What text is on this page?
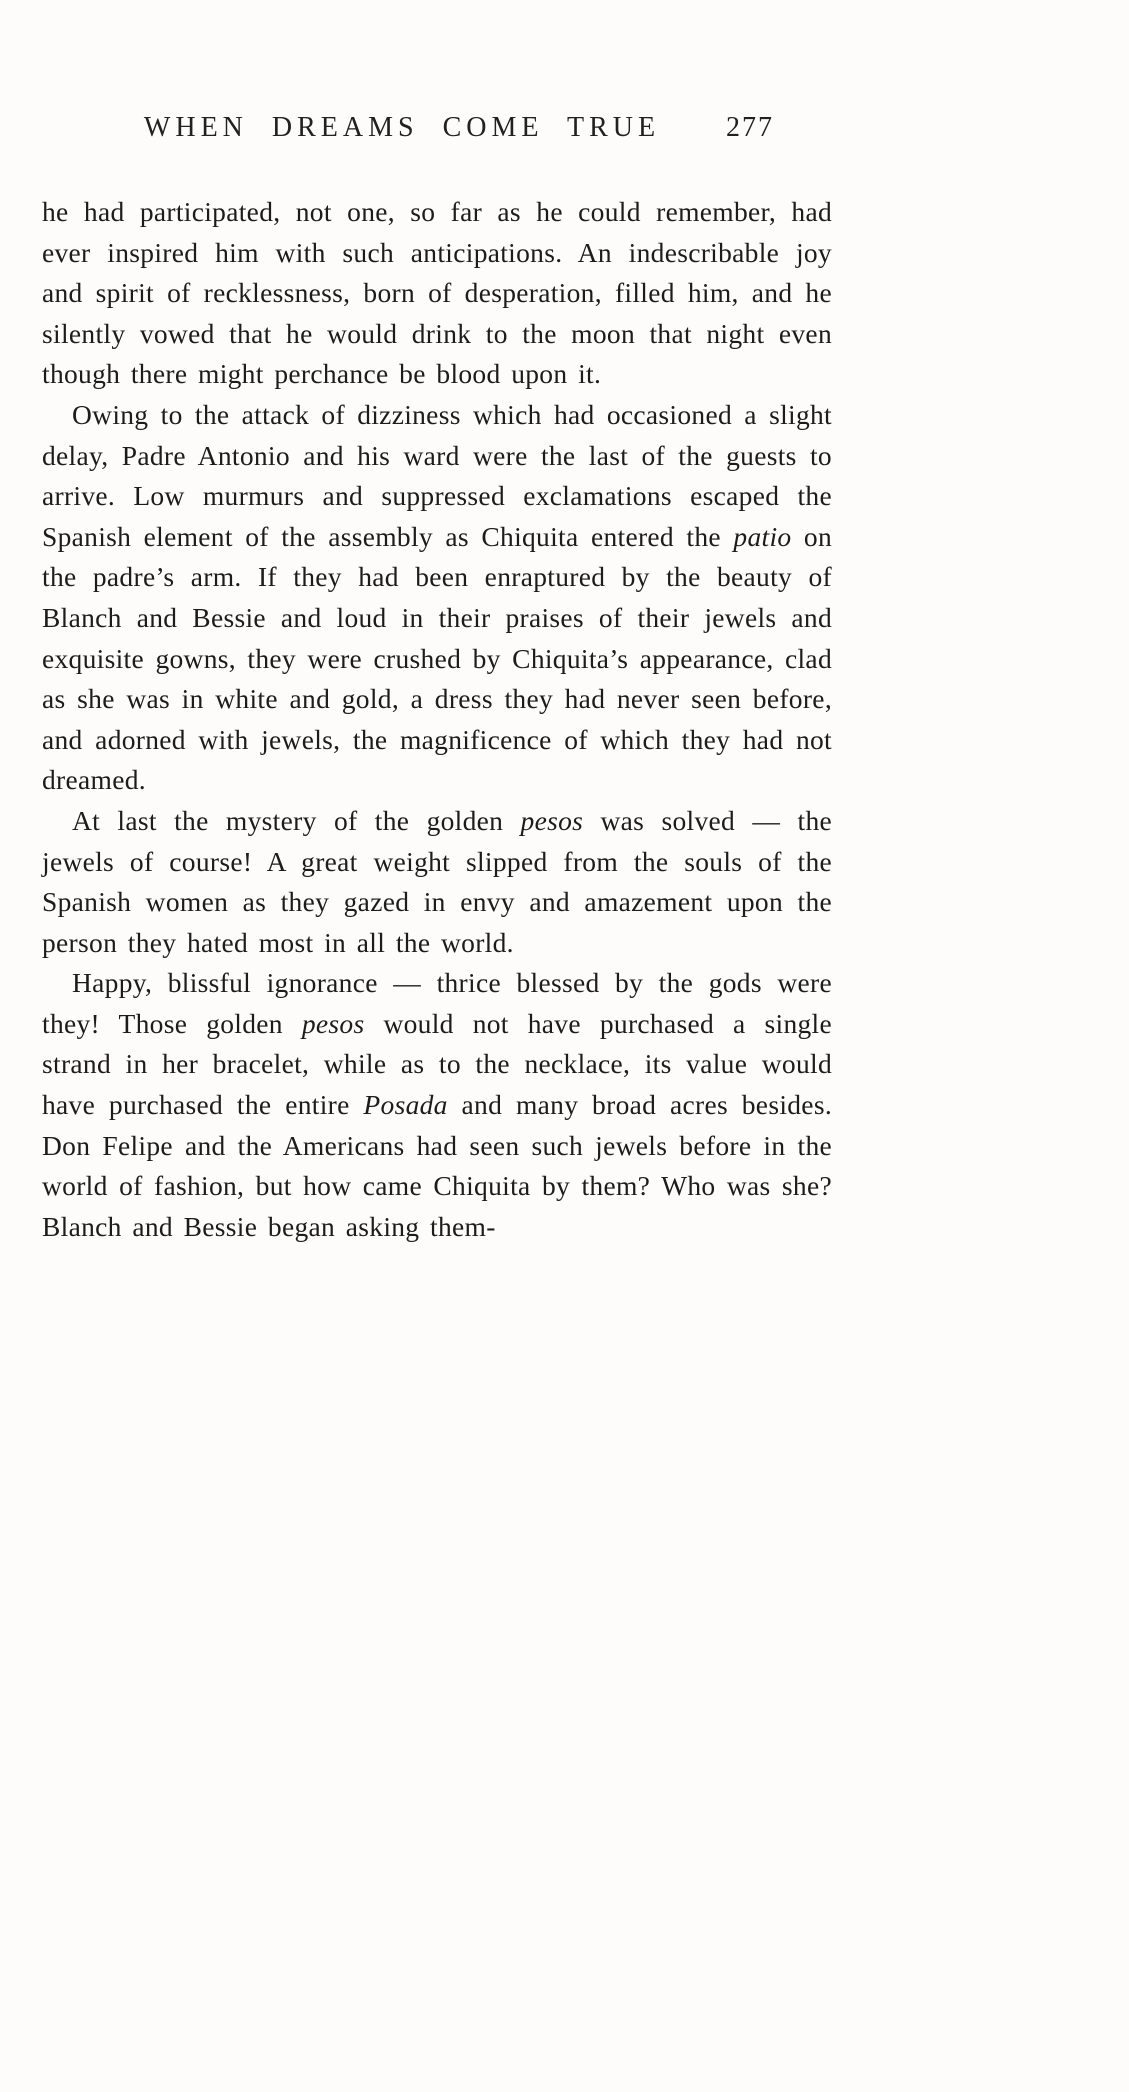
WHEN DREAMS COME TRUE	277

he had participated, not one, so far as he could remember, had ever inspired him with such anticipations. An indescribable joy and spirit of recklessness, born of desperation, filled him, and he silently vowed that he would drink to the moon that night even though there might perchance be blood upon it.

Owing to the attack of dizziness which had occasioned a slight delay, Padre Antonio and his ward were the last of the guests to arrive. Low murmurs and suppressed exclamations escaped the Spanish element of the assembly as Chiquita entered the patio on the padre’s arm. If they had been enraptured by the beauty of Blanch and Bessie and loud in their praises of their jewels and exquisite gowns, they were crushed by Chiquita’s appearance, clad as she was in white and gold, a dress they had never seen before, and adorned with jewels, the magnificence of which they had not dreamed.

At last the mystery of the golden pesos was solved — the jewels of course! A great weight slipped from the souls of the Spanish women as they gazed in envy and amazement upon the person they hated most in all the world.

Happy, blissful ignorance — thrice blessed by the gods were they! Those golden pesos would not have purchased a single strand in her bracelet, while as to the necklace, its value would have purchased the entire Posada and many broad acres besides. Don Felipe and the Americans had seen such jewels before in the world of fashion, but how came Chiquita by them? Who was she? Blanch and Bessie began asking them-
